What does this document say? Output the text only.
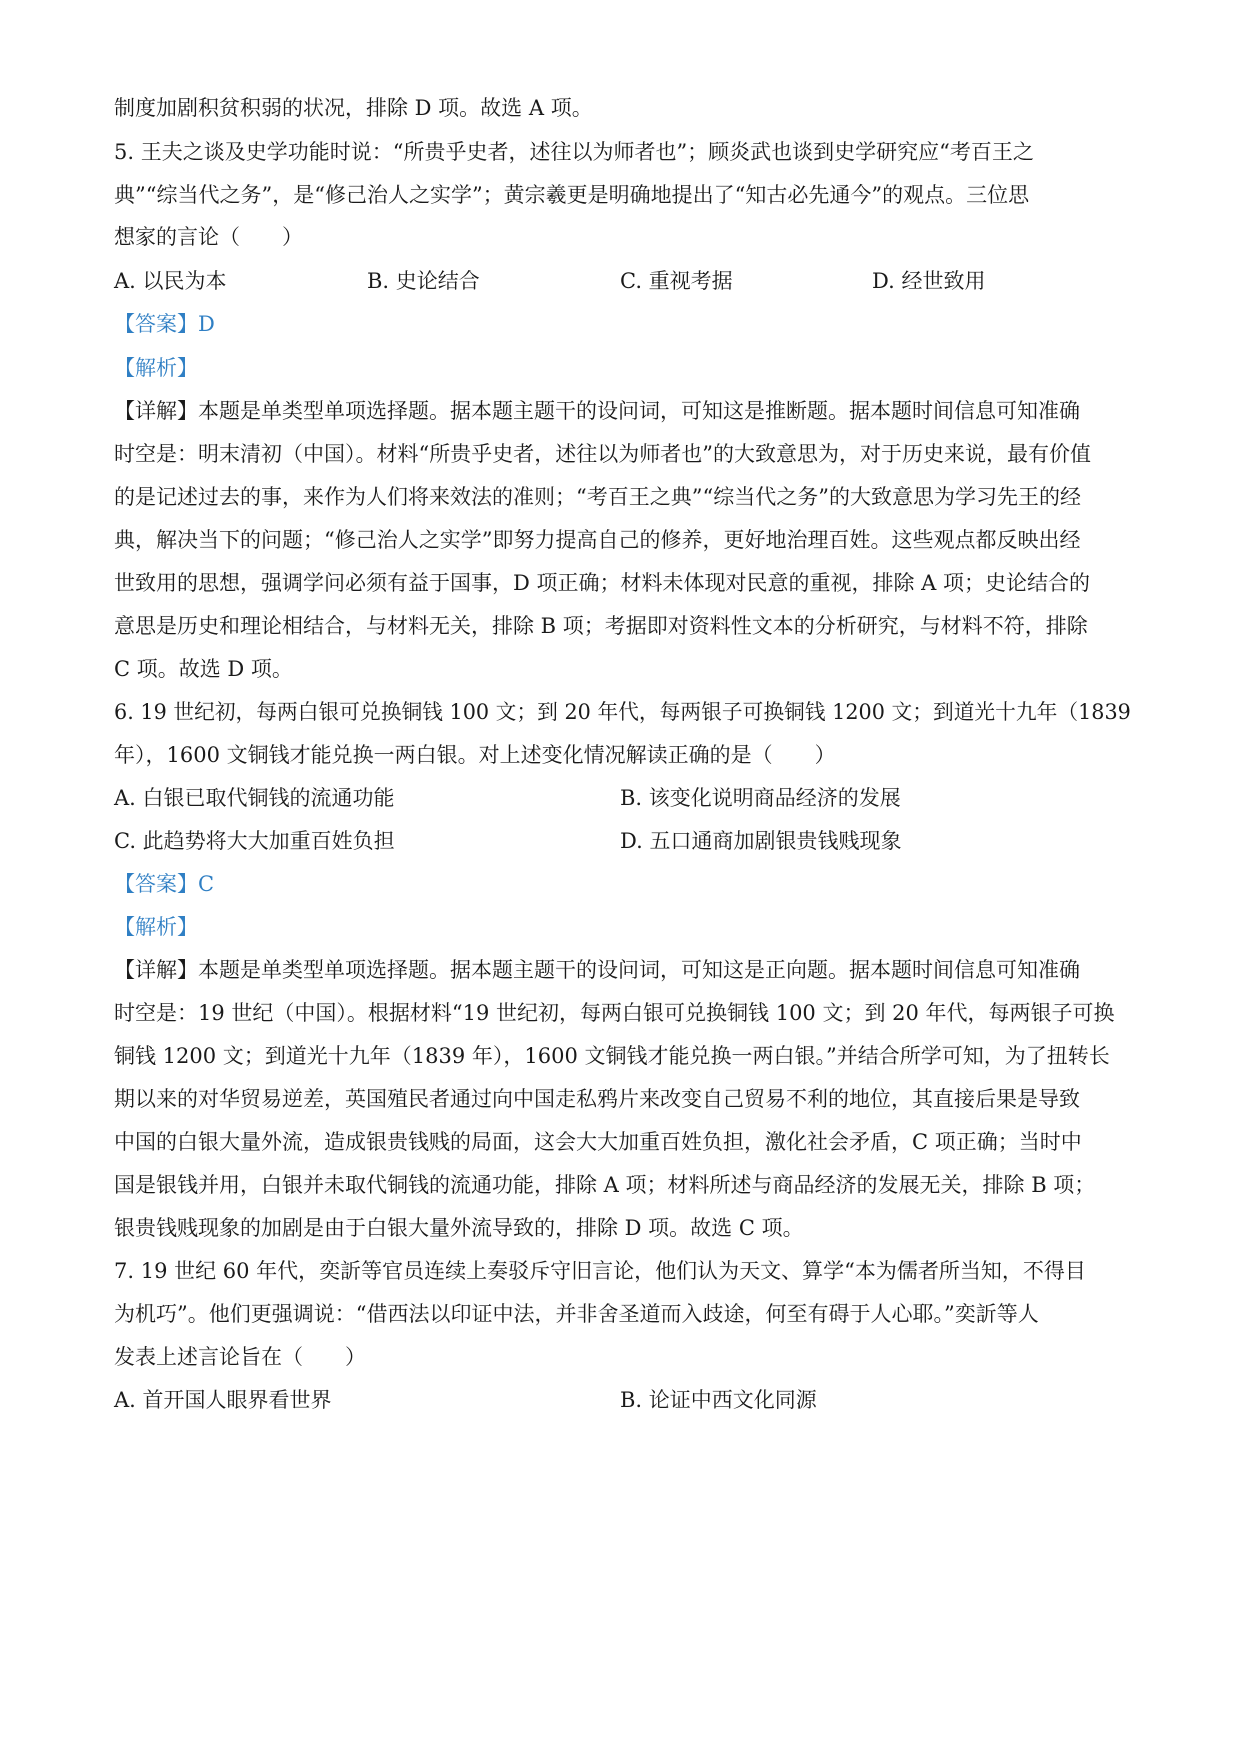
制度加剧积贫积弱的状况，排除 D 项。故选 A 项。
5. 王夫之谈及史学功能时说：“所贵乎史者，述往以为师者也”；顾炎武也谈到史学研究应“考百王之
典”“综当代之务”，是“修己治人之实学”；黄宗羲更是明确地提出了“知古必先通今”的观点。三位思
想家的言论（　　）
A. 以民为本	B. 史论结合	C. 重视考据	D. 经世致用
【答案】D
【解析】
【详解】本题是单类型单项选择题。据本题主题干的设问词，可知这是推断题。据本题时间信息可知准确
时空是：明末清初（中国）。材料“所贵乎史者，述往以为师者也”的大致意思为，对于历史来说，最有价值
的是记述过去的事，来作为人们将来效法的准则；“考百王之典”“综当代之务”的大致意思为学习先王的经
典，解决当下的问题；“修己治人之实学”即努力提高自己的修养，更好地治理百姓。这些观点都反映出经
世致用的思想，强调学问必须有益于国事，D 项正确；材料未体现对民意的重视，排除 A 项；史论结合的
意思是历史和理论相结合，与材料无关，排除 B 项；考据即对资料性文本的分析研究，与材料不符，排除
C 项。故选 D 项。
6. 19 世纪初，每两白银可兑换铜钱 100 文；到 20 年代，每两银子可换铜钱 1200 文；到道光十九年（1839
年），1600 文铜钱才能兑换一两白银。对上述变化情况解读正确的是（　　）
A. 白银已取代铜钱的流通功能	B. 该变化说明商品经济的发展
C. 此趋势将大大加重百姓负担	D. 五口通商加剧银贵钱贱现象
【答案】C
【解析】
【详解】本题是单类型单项选择题。据本题主题干的设问词，可知这是正向题。据本题时间信息可知准确
时空是：19 世纪（中国）。根据材料“19 世纪初，每两白银可兑换铜钱 100 文；到 20 年代，每两银子可换
铜钱 1200 文；到道光十九年（1839 年），1600 文铜钱才能兑换一两白银。”并结合所学可知，为了扭转长
期以来的对华贸易逆差，英国殖民者通过向中国走私鸦片来改变自己贸易不利的地位，其直接后果是导致
中国的白银大量外流，造成银贵钱贱的局面，这会大大加重百姓负担，激化社会矛盾，C 项正确；当时中
国是银钱并用，白银并未取代铜钱的流通功能，排除 A 项；材料所述与商品经济的发展无关，排除 B 项；
银贵钱贱现象的加剧是由于白银大量外流导致的，排除 D 项。故选 C 项。
7. 19 世纪 60 年代，奕訢等官员连续上奏驳斥守旧言论，他们认为天文、算学“本为儒者所当知，不得目
为机巧”。他们更强调说：“借西法以印证中法，并非舍圣道而入歧途，何至有碍于人心耶。”奕訢等人
发表上述言论旨在（　　）
A. 首开国人眼界看世界	B. 论证中西文化同源
